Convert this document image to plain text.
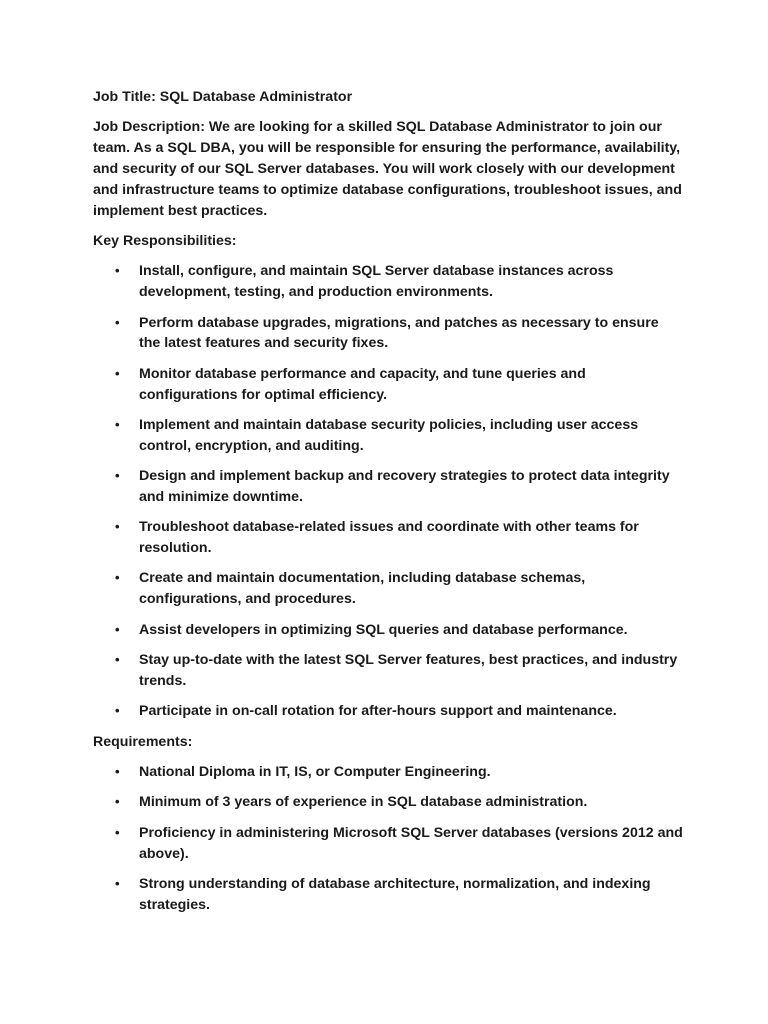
Job Title: SQL Database Administrator

Job Description: We are looking for a skilled SQL Database Administrator to join our team. As a SQL DBA, you will be responsible for ensuring the performance, availability, and security of our SQL Server databases. You will work closely with our development and infrastructure teams to optimize database configurations, troubleshoot issues, and implement best practices.

Key Responsibilities:

• Install, configure, and maintain SQL Server database instances across development, testing, and production environments.
• Perform database upgrades, migrations, and patches as necessary to ensure the latest features and security fixes.
• Monitor database performance and capacity, and tune queries and configurations for optimal efficiency.
• Implement and maintain database security policies, including user access control, encryption, and auditing.
• Design and implement backup and recovery strategies to protect data integrity and minimize downtime.
• Troubleshoot database-related issues and coordinate with other teams for resolution.
• Create and maintain documentation, including database schemas, configurations, and procedures.
• Assist developers in optimizing SQL queries and database performance.
• Stay up-to-date with the latest SQL Server features, best practices, and industry trends.
• Participate in on-call rotation for after-hours support and maintenance.

Requirements:

• National Diploma in IT, IS, or Computer Engineering.
• Minimum of 3 years of experience in SQL database administration.
• Proficiency in administering Microsoft SQL Server databases (versions 2012 and above).
• Strong understanding of database architecture, normalization, and indexing strategies.
